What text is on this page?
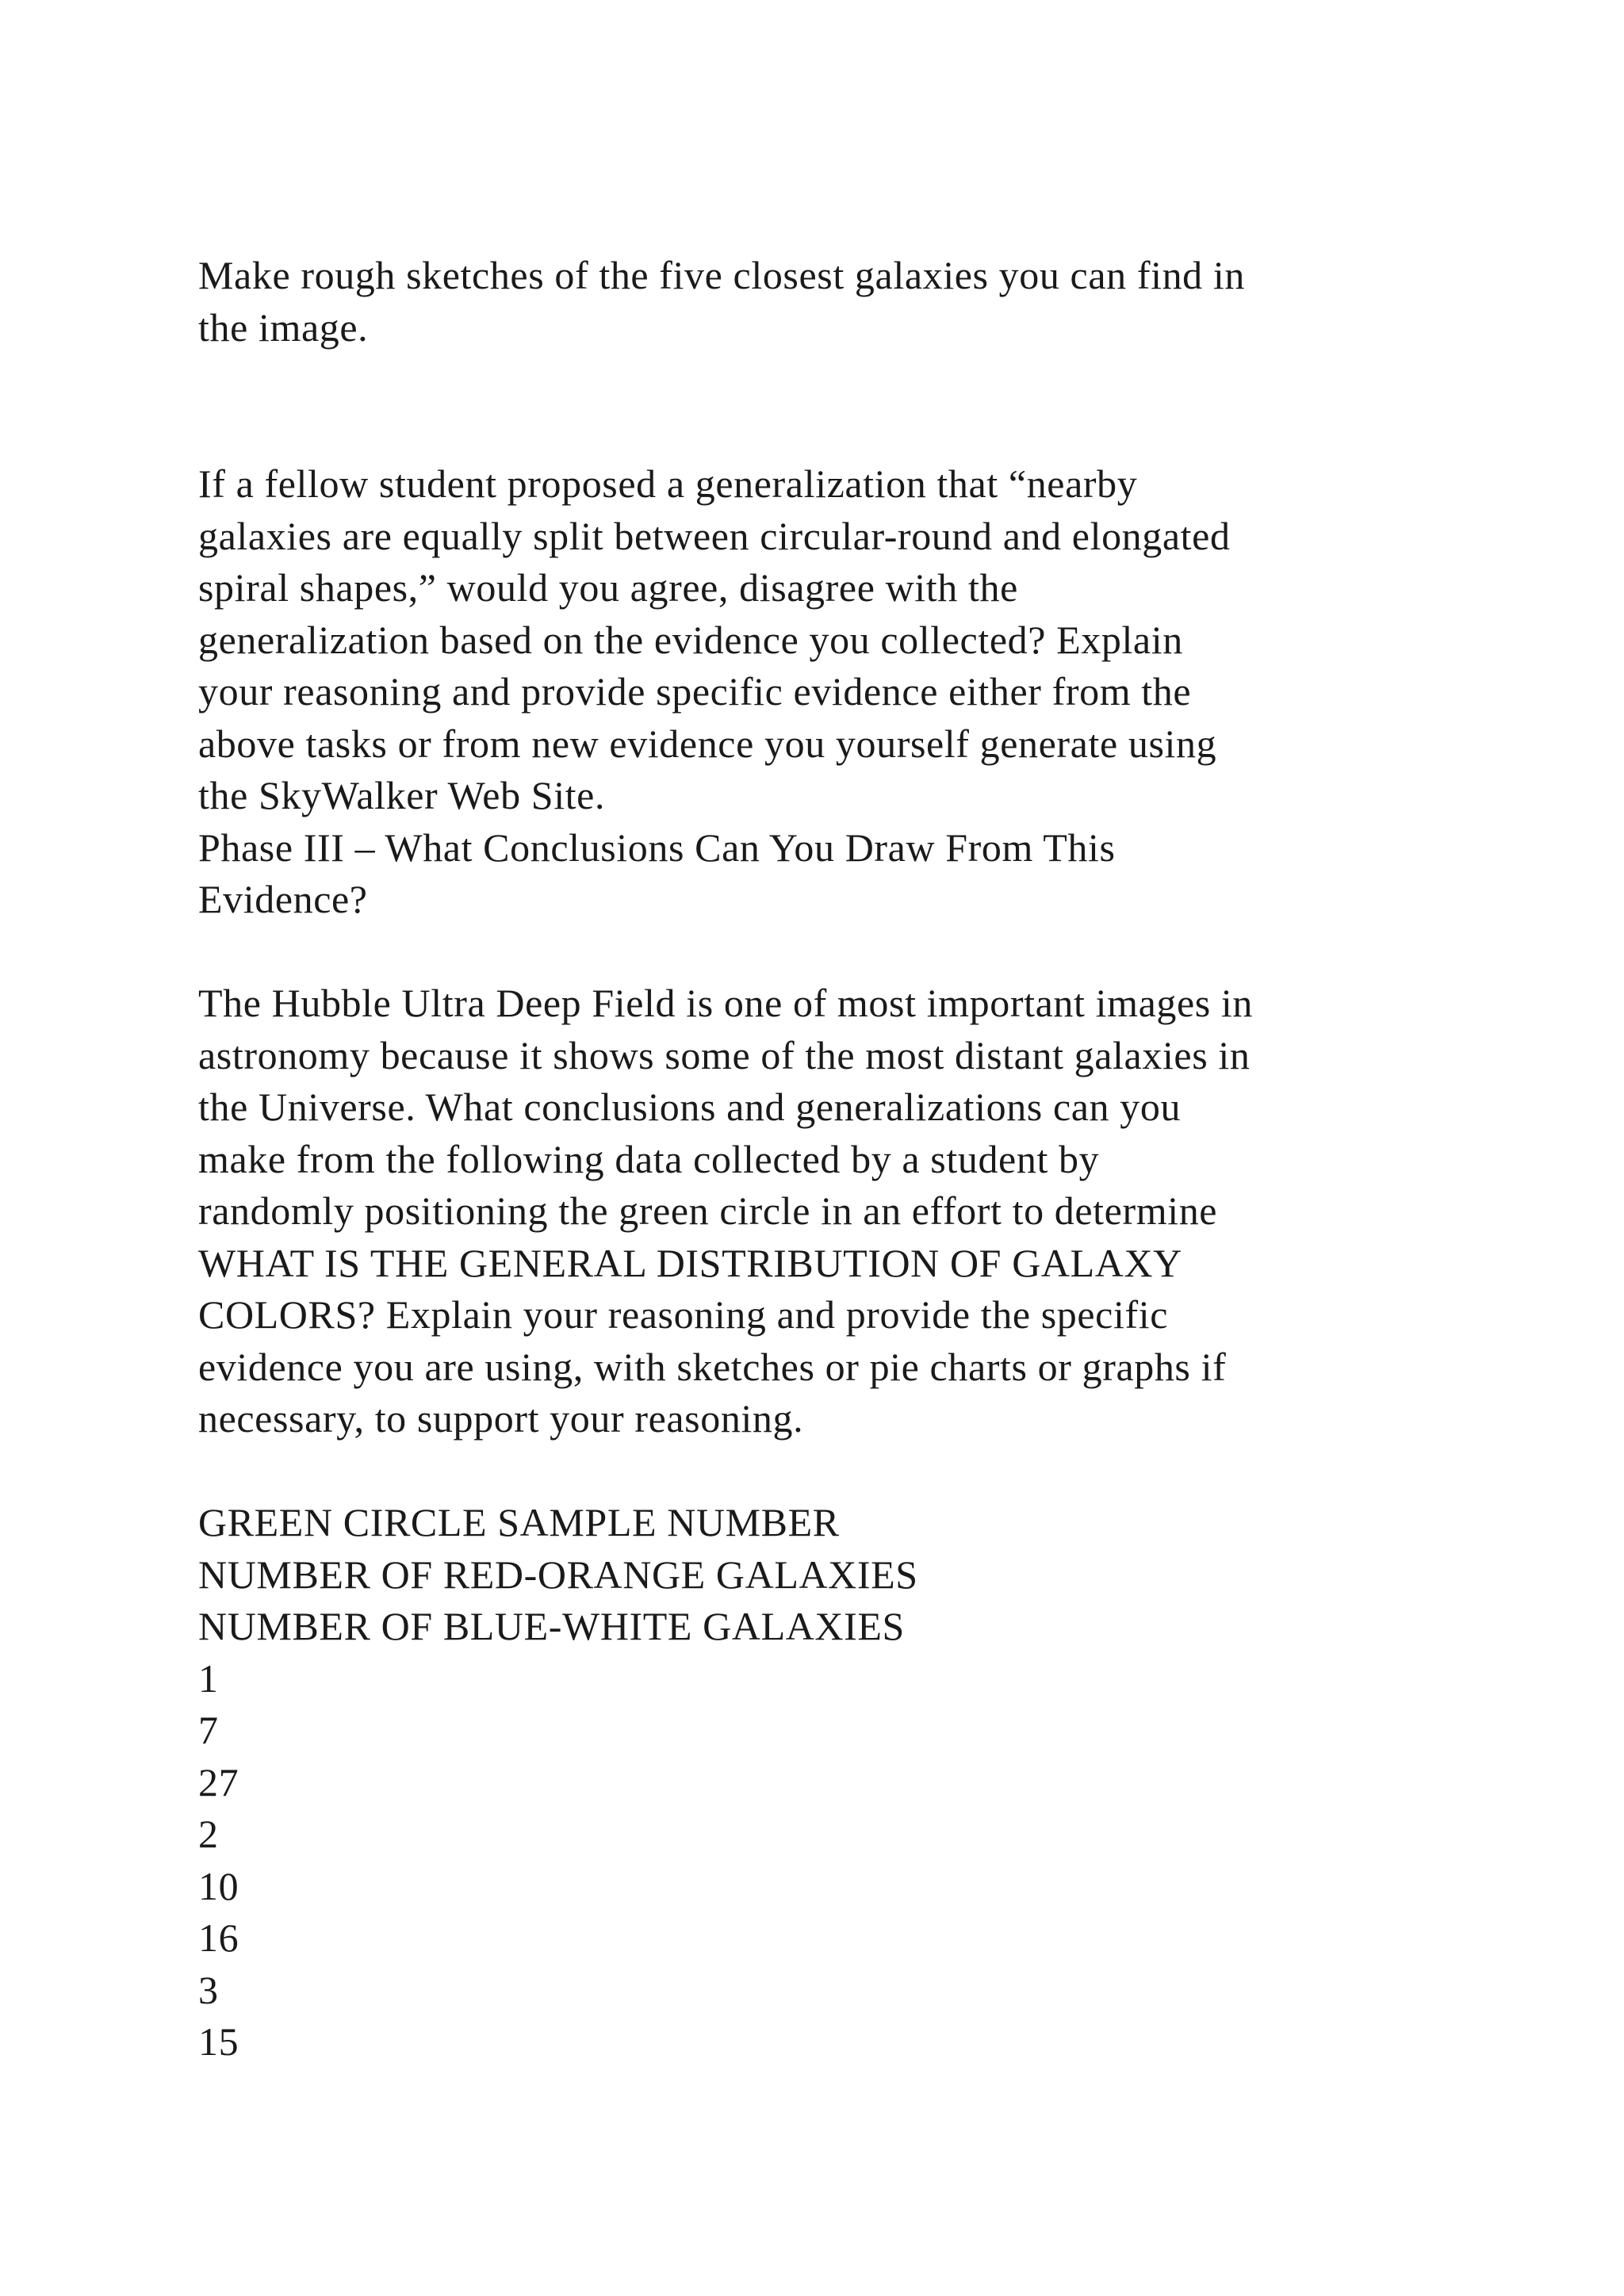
Make rough sketches of the five closest galaxies you can find in
the image.
If a fellow student proposed a generalization that “nearby
galaxies are equally split between circular-round and elongated
spiral shapes,” would you agree, disagree with the
generalization based on the evidence you collected? Explain
your reasoning and provide specific evidence either from the
above tasks or from new evidence you yourself generate using
the SkyWalker Web Site.
Phase III – What Conclusions Can You Draw From This
Evidence?
The Hubble Ultra Deep Field is one of most important images in
astronomy because it shows some of the most distant galaxies in
the Universe. What conclusions and generalizations can you
make from the following data collected by a student by
randomly positioning the green circle in an effort to determine
WHAT IS THE GENERAL DISTRIBUTION OF GALAXY
COLORS? Explain your reasoning and provide the specific
evidence you are using, with sketches or pie charts or graphs if
necessary, to support your reasoning.
GREEN CIRCLE SAMPLE NUMBER
NUMBER OF RED-ORANGE GALAXIES
NUMBER OF BLUE-WHITE GALAXIES
1
7
27
2
10
16
3
15
